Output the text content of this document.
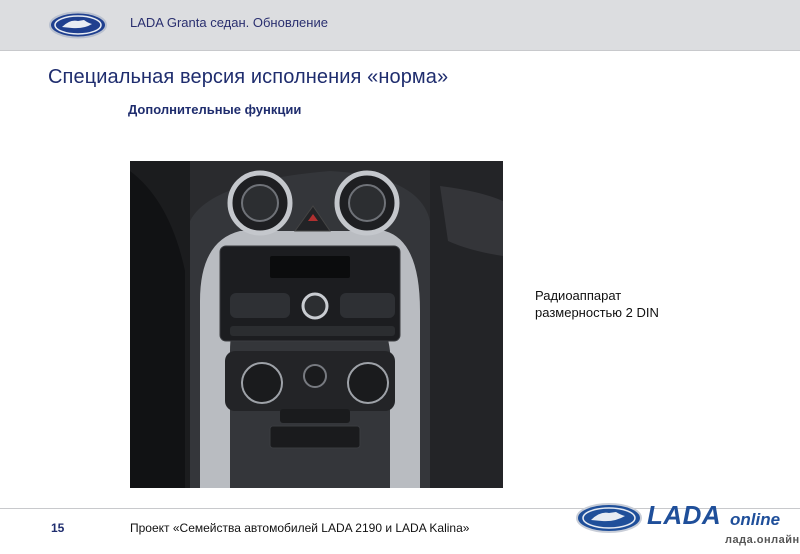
LADA Granta седан. Обновление
Специальная версия исполнения «норма»
Дополнительные функции
Радиоаппарат
размерностью 2 DIN
15	Проект «Семейства автомобилей LADA 2190 и LADA Kalina»	LADA online
лада.онлайн
